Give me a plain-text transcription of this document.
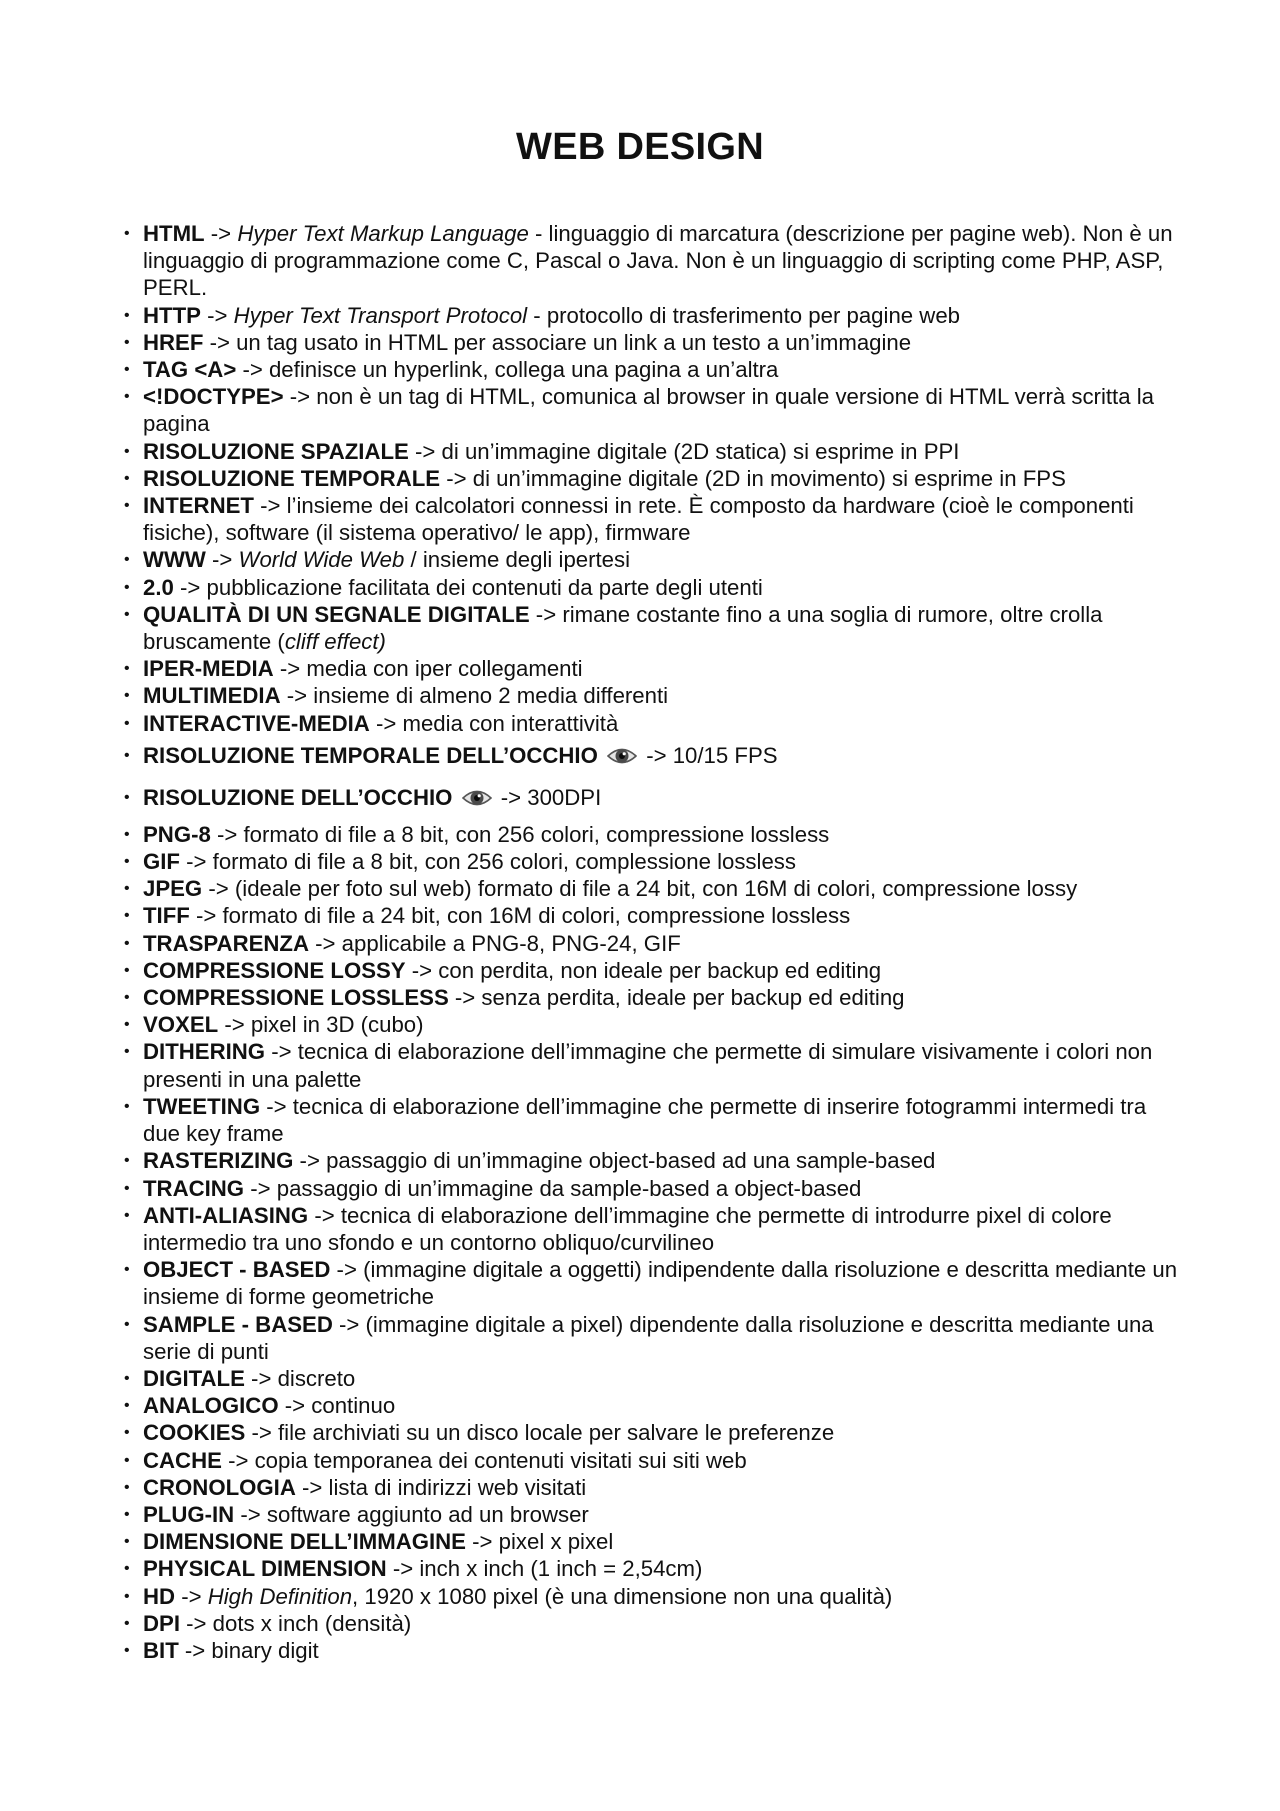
WEB DESIGN
• HTML -> Hyper Text Markup Language - linguaggio di marcatura (descrizione per pagine web). Non è un linguaggio di programmazione come C, Pascal o Java. Non è un linguaggio di scripting come PHP, ASP, PERL.
• HTTP -> Hyper Text Transport Protocol - protocollo di trasferimento per pagine web
• HREF -> un tag usato in HTML per associare un link a un testo a un’immagine
• TAG <A> -> definisce un hyperlink, collega una pagina a un’altra
• <!DOCTYPE> -> non è un tag di HTML, comunica al browser in quale versione di HTML verrà scritta la pagina
• RISOLUZIONE SPAZIALE -> di un’immagine digitale (2D statica) si esprime in PPI
• RISOLUZIONE TEMPORALE -> di un’immagine digitale (2D in movimento) si esprime in FPS
• INTERNET -> l’insieme dei calcolatori connessi in rete. È composto da hardware (cioè le componenti fisiche), software (il sistema operativo/ le app), firmware
• WWW -> World Wide Web / insieme degli ipertesi
• 2.0 -> pubblicazione facilitata dei contenuti da parte degli utenti
• QUALITÀ DI UN SEGNALE DIGITALE -> rimane costante fino a una soglia di rumore, oltre crolla bruscamente (cliff effect)
• IPER-MEDIA -> media con iper collegamenti
• MULTIMEDIA -> insieme di almeno 2 media differenti
• INTERACTIVE-MEDIA -> media con interattività
• RISOLUZIONE TEMPORALE DELL’OCCHIO  -> 10/15 FPS
• RISOLUZIONE DELL’OCCHIO  -> 300DPI
• PNG-8 -> formato di file a 8 bit, con 256 colori, compressione lossless
• GIF -> formato di file a 8 bit, con 256 colori, complessione lossless
• JPEG -> (ideale per foto sul web) formato di file a 24 bit, con 16M di colori, compressione lossy
• TIFF -> formato di file a 24 bit, con 16M di colori, compressione lossless
• TRASPARENZA -> applicabile a PNG-8, PNG-24, GIF
• COMPRESSIONE LOSSY -> con perdita, non ideale per backup ed editing
• COMPRESSIONE LOSSLESS -> senza perdita, ideale per backup ed editing
• VOXEL -> pixel in 3D (cubo)
• DITHERING -> tecnica di elaborazione dell’immagine che permette di simulare visivamente i colori non presenti in una palette
• TWEETING -> tecnica di elaborazione dell’immagine che permette di inserire fotogrammi intermedi tra due key frame
• RASTERIZING -> passaggio di un’immagine object-based ad una sample-based
• TRACING -> passaggio di un’immagine da sample-based a object-based
• ANTI-ALIASING -> tecnica di elaborazione dell’immagine che permette di introdurre pixel di colore intermedio tra uno sfondo e un contorno obliquo/curvilineo
• OBJECT - BASED -> (immagine digitale a oggetti) indipendente dalla risoluzione e descritta mediante un insieme di forme geometriche
• SAMPLE - BASED -> (immagine digitale a pixel) dipendente dalla risoluzione e descritta mediante una serie di punti
• DIGITALE -> discreto
• ANALOGICO -> continuo
• COOKIES -> file archiviati su un disco locale per salvare le preferenze
• CACHE -> copia temporanea dei contenuti visitati sui siti web
• CRONOLOGIA -> lista di indirizzi web visitati
• PLUG-IN -> software aggiunto ad un browser
• DIMENSIONE DELL’IMMAGINE -> pixel x pixel
• PHYSICAL DIMENSION -> inch x inch (1 inch = 2,54cm)
• HD -> High Definition, 1920 x 1080 pixel (è una dimensione non una qualità)
• DPI -> dots x inch (densità)
• BIT -> binary digit
